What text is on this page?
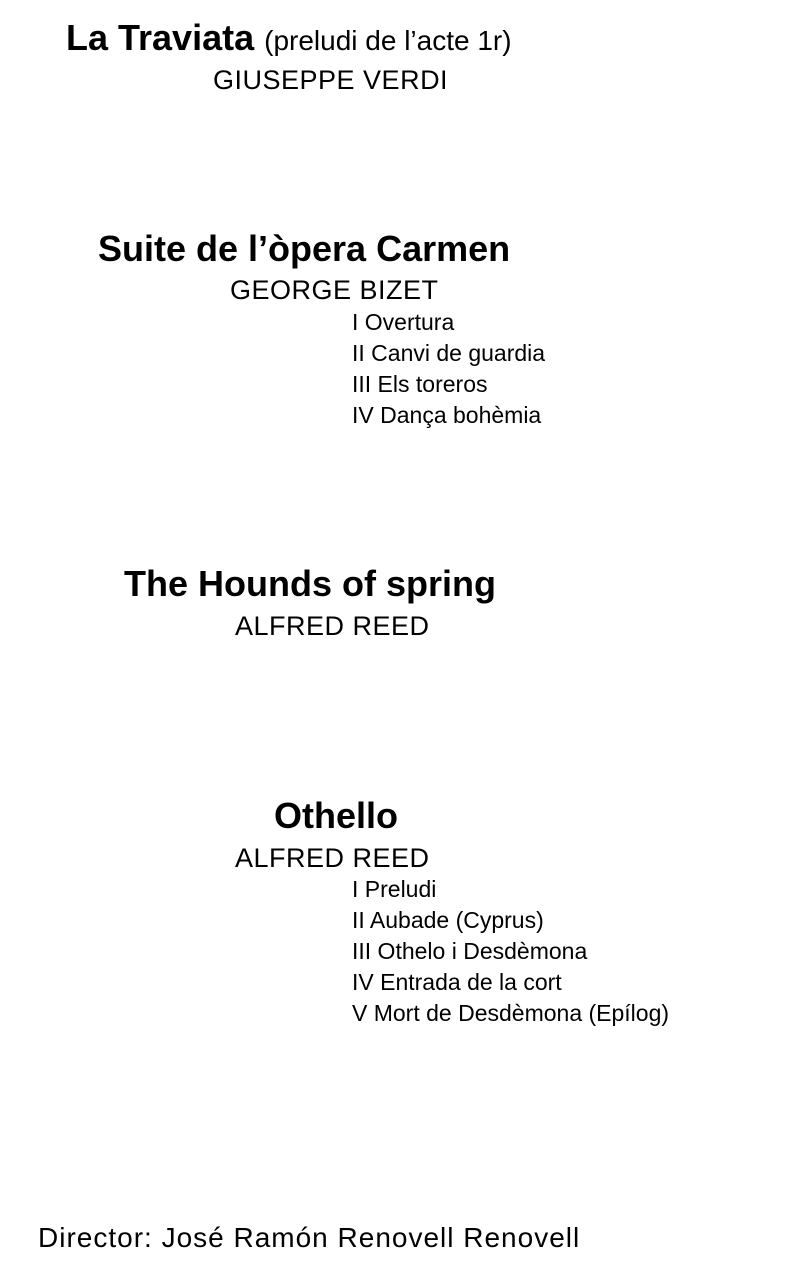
La Traviata (preludi de l’acte 1r)
GIUSEPPE VERDI
Suite de l’òpera Carmen
GEORGE BIZET
I Overtura
II Canvi de guardia
III Els toreros
IV Dança bohèmia
The Hounds of spring
ALFRED REED
Othello
ALFRED REED
I Preludi
II Aubade (Cyprus)
III Othelo i Desdèmona
IV Entrada de la cort
V Mort de Desdèmona (Epílog)
Director: José Ramón Renovell Renovell
